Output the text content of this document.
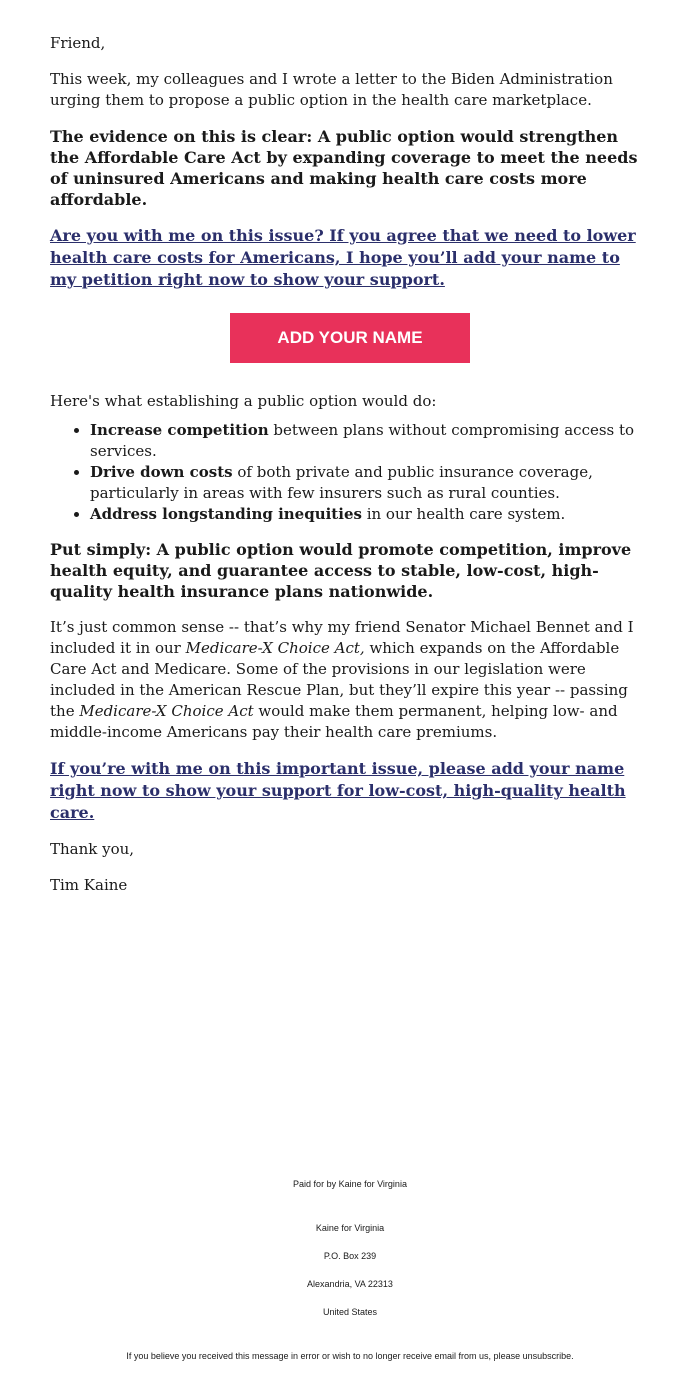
Friend,

This week, my colleagues and I wrote a letter to the Biden Administration urging them to propose a public option in the health care marketplace.

The evidence on this is clear: A public option would strengthen the Affordable Care Act by expanding coverage to meet the needs of uninsured Americans and making health care costs more affordable.

Are you with me on this issue? If you agree that we need to lower health care costs for Americans, I hope you’ll add your name to my petition right now to show your support.

ADD YOUR NAME

Here's what establishing a public option would do:

• Increase competition between plans without compromising access to services.
• Drive down costs of both private and public insurance coverage, particularly in areas with few insurers such as rural counties.
• Address longstanding inequities in our health care system.

Put simply: A public option would promote competition, improve health equity, and guarantee access to stable, low-cost, high-quality health insurance plans nationwide.

It’s just common sense -- that’s why my friend Senator Michael Bennet and I included it in our Medicare-X Choice Act, which expands on the Affordable Care Act and Medicare. Some of the provisions in our legislation were included in the American Rescue Plan, but they’ll expire this year -- passing the Medicare-X Choice Act would make them permanent, helping low- and middle-income Americans pay their health care premiums.

If you’re with me on this important issue, please add your name right now to show your support for low-cost, high-quality health care.

Thank you,

Tim Kaine

Paid for by Kaine for Virginia
Kaine for Virginia
P.O. Box 239
Alexandria, VA 22313
United States
If you believe you received this message in error or wish to no longer receive email from us, please unsubscribe.
